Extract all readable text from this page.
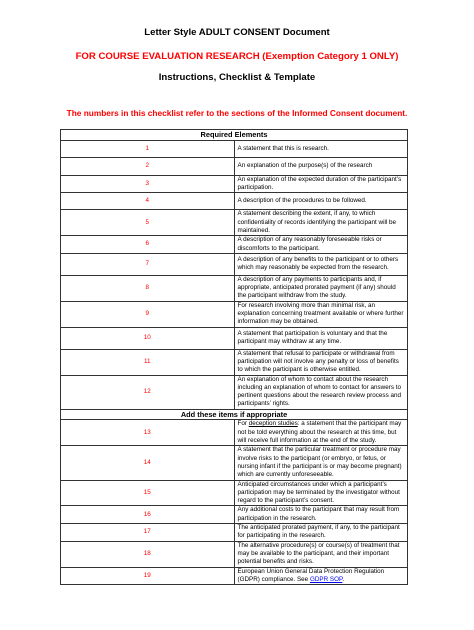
Letter Style ADULT CONSENT Document
FOR COURSE EVALUATION RESEARCH (Exemption Category 1 ONLY)
Instructions, Checklist & Template
The numbers in this checklist refer to the sections of the Informed Consent document.
Required Elements	
1	A statement that this is research.
2	An explanation of the purpose(s) of the research
3	An explanation of the expected duration of the participant’s participation.
4	A description of the procedures to be followed.
5	A statement describing the extent, if any, to which confidentiality of records identifying the participant will be maintained.
6	A description of any reasonably foreseeable risks or discomforts to the participant.
7	A description of any benefits to the participant or to others which may reasonably be expected from the research.
8	A description of any payments to participants and, if appropriate, anticipated prorated payment (if any) should the participant withdraw from the study.
9	For research involving more than minimal risk, an explanation concerning treatment available or where further information may be obtained.
10	A statement that participation is voluntary and that the participant may withdraw at any time.
11	A statement that refusal to participate or withdrawal from participation will not involve any penalty or loss of benefits to which the participant is otherwise entitled.
12	An explanation of whom to contact about the research including an explanation of whom to contact for answers to pertinent questions about the research review process and participants’ rights.
Add these items if appropriate	
13	For deception studies: a statement that the participant may not be told everything about the research at this time, but will receive full information at the end of the study.
14	A statement that the particular treatment or procedure may involve risks to the participant (or embryo, or fetus, or nursing infant if the participant is or may become pregnant) which are currently unforeseeable.
15	Anticipated circumstances under which a participant’s participation may be terminated by the investigator without regard to the participant’s consent.
16	Any additional costs to the participant that may result from participation in the research.
17	The anticipated prorated payment, if any, to the participant for participating in the research.
18	The alternative procedure(s) or course(s) of treatment that may be available to the participant, and their important potential benefits and risks.
19	European Union General Data Protection Regulation (GDPR) compliance. See GDPR SOP.
